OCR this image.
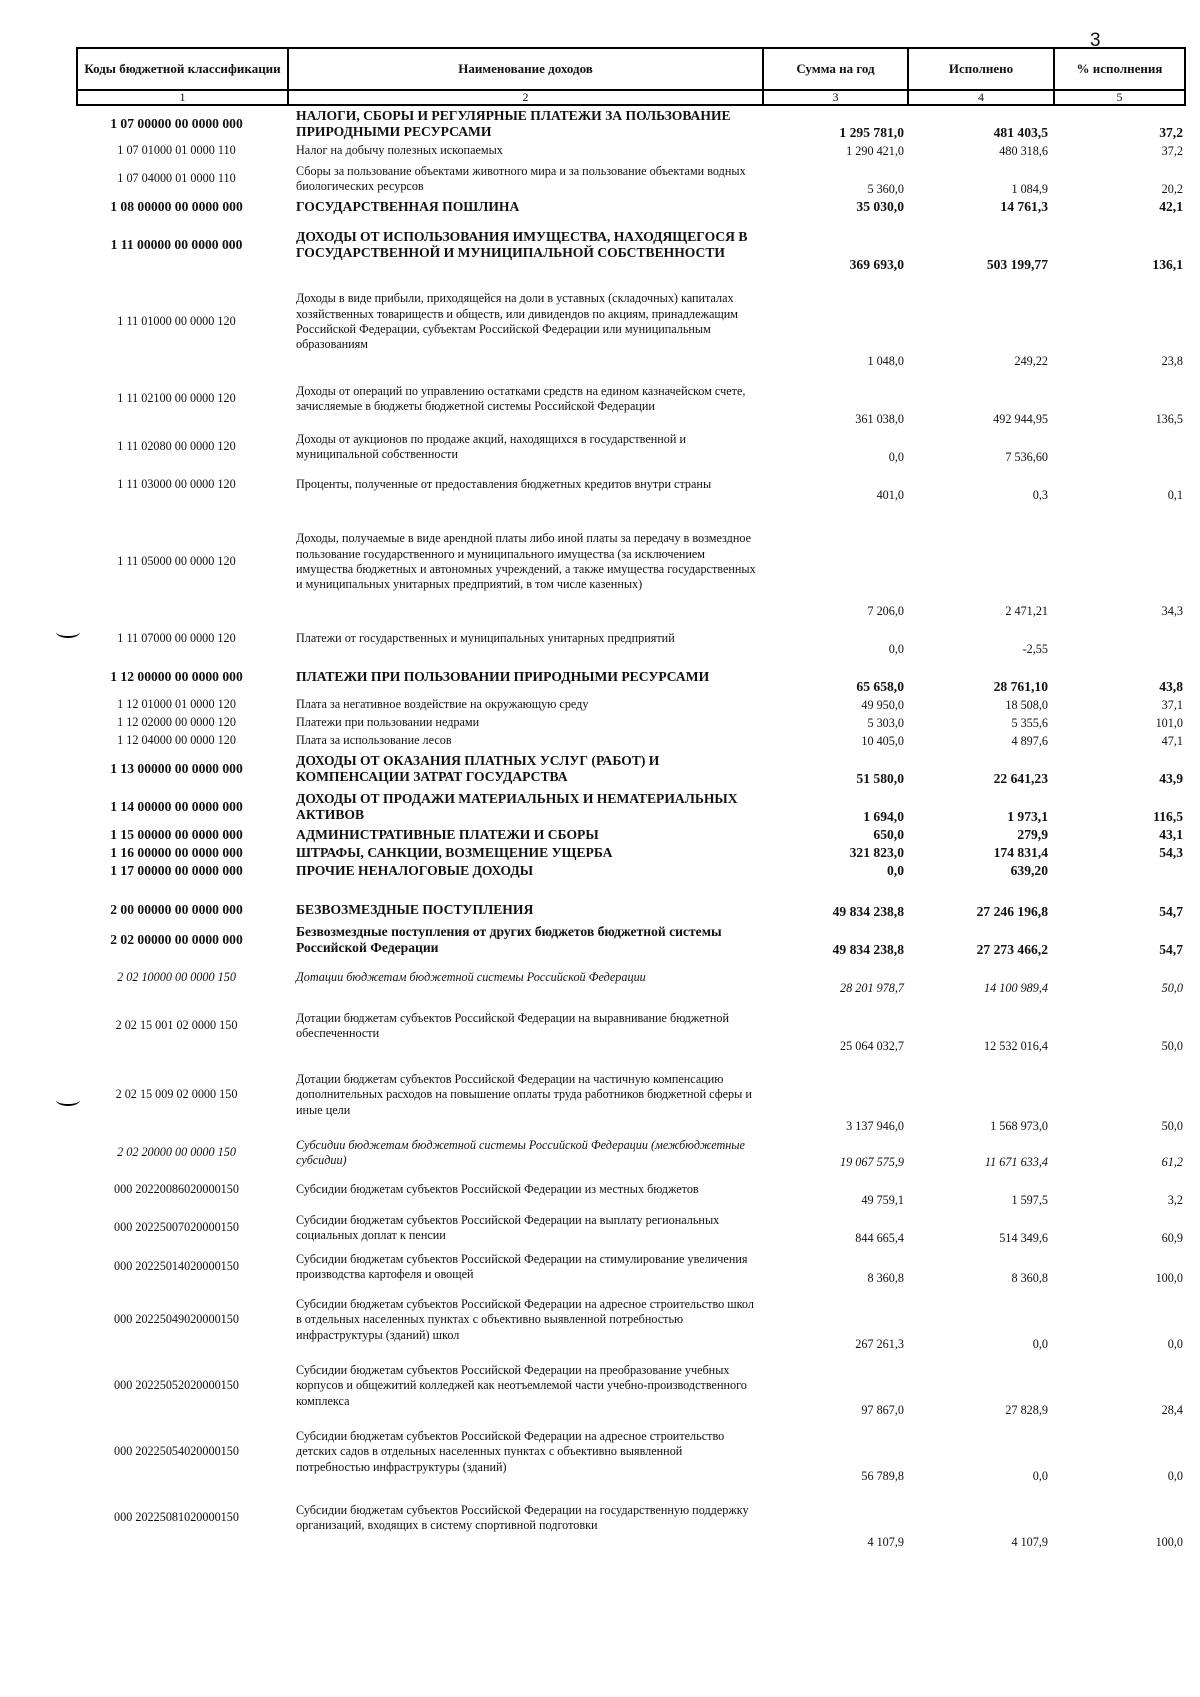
3
Коды бюджетной классификации	Наименование доходов	Сумма на год	Исполнено	% исполнения
1	2	3	4	5
1 07 00000 00 0000 000	НАЛОГИ, СБОРЫ И РЕГУЛЯРНЫЕ ПЛАТЕЖИ ЗА ПОЛЬЗОВАНИЕ ПРИРОДНЫМИ РЕСУРСАМИ	1 295 781,0	481 403,5	37,2
1 07 01000 01 0000 110	Налог на добычу полезных ископаемых	1 290 421,0	480 318,6	37,2
1 07 04000 01 0000 110	Сборы за пользование объектами животного мира и за пользование объектами водных биологических ресурсов	5 360,0	1 084,9	20,2
1 08 00000 00 0000 000	ГОСУДАРСТВЕННАЯ ПОШЛИНА	35 030,0	14 761,3	42,1
1 11 00000 00 0000 000	ДОХОДЫ ОТ ИСПОЛЬЗОВАНИЯ ИМУЩЕСТВА, НАХОДЯЩЕГОСЯ В ГОСУДАРСТВЕННОЙ И МУНИЦИПАЛЬНОЙ СОБСТВЕННОСТИ	369 693,0	503 199,77	136,1
1 11 01000 00 0000 120	Доходы в виде прибыли, приходящейся на доли в уставных (складочных) капиталах хозяйственных товариществ и обществ, или дивидендов по акциям, принадлежащим Российской Федерации, субъектам Российской Федерации или муниципальным образованиям	1 048,0	249,22	23,8
1 11 02100 00 0000 120	Доходы от операций по управлению остатками средств на едином казначейском счете, зачисляемые в бюджеты бюджетной системы Российской Федерации	361 038,0	492 944,95	136,5
1 11 02080 00 0000 120	Доходы от аукционов по продаже акций, находящихся в государственной и муниципальной собственности	0,0	7 536,60	
1 11 03000 00 0000 120	Проценты, полученные от предоставления бюджетных кредитов внутри страны	401,0	0,3	0,1
1 11 05000 00 0000 120	Доходы, получаемые в виде арендной платы либо иной платы за передачу в возмездное пользование государственного и муниципального имущества (за исключением имущества бюджетных и автономных учреждений, а также имущества государственных и муниципальных унитарных предприятий, в том числе казенных)	7 206,0	2 471,21	34,3
1 11 07000 00 0000 120	Платежи от государственных и муниципальных унитарных предприятий	0,0	-2,55	
1 12 00000 00 0000 000	ПЛАТЕЖИ ПРИ ПОЛЬЗОВАНИИ ПРИРОДНЫМИ РЕСУРСАМИ	65 658,0	28 761,10	43,8
1 12 01000 01 0000 120	Плата за негативное воздействие на окружающую среду	49 950,0	18 508,0	37,1
1 12 02000 00 0000 120	Платежи при пользовании недрами	5 303,0	5 355,6	101,0
1 12 04000 00 0000 120	Плата за использование лесов	10 405,0	4 897,6	47,1
1 13 00000 00 0000 000	ДОХОДЫ ОТ ОКАЗАНИЯ ПЛАТНЫХ УСЛУГ (РАБОТ) И КОМПЕНСАЦИИ ЗАТРАТ ГОСУДАРСТВА	51 580,0	22 641,23	43,9
1 14 00000 00 0000 000	ДОХОДЫ ОТ ПРОДАЖИ МАТЕРИАЛЬНЫХ И НЕМАТЕРИАЛЬНЫХ АКТИВОВ	1 694,0	1 973,1	116,5
1 15 00000 00 0000 000	АДМИНИСТРАТИВНЫЕ ПЛАТЕЖИ И СБОРЫ	650,0	279,9	43,1
1 16 00000 00 0000 000	ШТРАФЫ, САНКЦИИ, ВОЗМЕЩЕНИЕ УЩЕРБА	321 823,0	174 831,4	54,3
1 17 00000 00 0000 000	ПРОЧИЕ НЕНАЛОГОВЫЕ ДОХОДЫ	0,0	639,20	

2 00 00000 00 0000 000	БЕЗВОЗМЕЗДНЫЕ ПОСТУПЛЕНИЯ	49 834 238,8	27 246 196,8	54,7
2 02 00000 00 0000 000	Безвозмездные поступления от других бюджетов бюджетной системы Российской Федерации	49 834 238,8	27 273 466,2	54,7
2 02 10000 00 0000 150	Дотации бюджетам бюджетной системы Российской Федерации	28 201 978,7	14 100 989,4	50,0
2 02 15 001 02 0000 150	Дотации бюджетам субъектов Российской Федерации на выравнивание бюджетной обеспеченности	25 064 032,7	12 532 016,4	50,0
2 02 15 009 02 0000 150	Дотации бюджетам субъектов Российской Федерации на частичную компенсацию дополнительных расходов на повышение оплаты труда работников бюджетной сферы и иные цели	3 137 946,0	1 568 973,0	50,0
2 02 20000 00 0000 150	Субсидии бюджетам бюджетной системы Российской Федерации (межбюджетные субсидии)	19 067 575,9	11 671 633,4	61,2
000 20220086020000150	Субсидии бюджетам субъектов Российской Федерации из местных бюджетов	49 759,1	1 597,5	3,2
000 20225007020000150	Субсидии бюджетам субъектов Российской Федерации на выплату региональных социальных доплат к пенсии	844 665,4	514 349,6	60,9
000 20225014020000150	Субсидии бюджетам субъектов Российской Федерации на стимулирование увеличения производства картофеля и овощей	8 360,8	8 360,8	100,0
000 20225049020000150	Субсидии бюджетам субъектов Российской Федерации на адресное строительство школ в отдельных населенных пунктах с объективно выявленной потребностью инфраструктуры (зданий) школ	267 261,3	0,0	0,0
000 20225052020000150	Субсидии бюджетам субъектов Российской Федерации на преобразование учебных корпусов и общежитий колледжей как неотъемлемой части учебно-производственного комплекса	97 867,0	27 828,9	28,4
000 20225054020000150	Субсидии бюджетам субъектов Российской Федерации на адресное строительство детских садов в отдельных населенных пунктах с объективно выявленной потребностью инфраструктуры (зданий)	56 789,8	0,0	0,0
000 20225081020000150	Субсидии бюджетам субъектов Российской Федерации на государственную поддержку организаций, входящих в систему спортивной подготовки	4 107,9	4 107,9	100,0
